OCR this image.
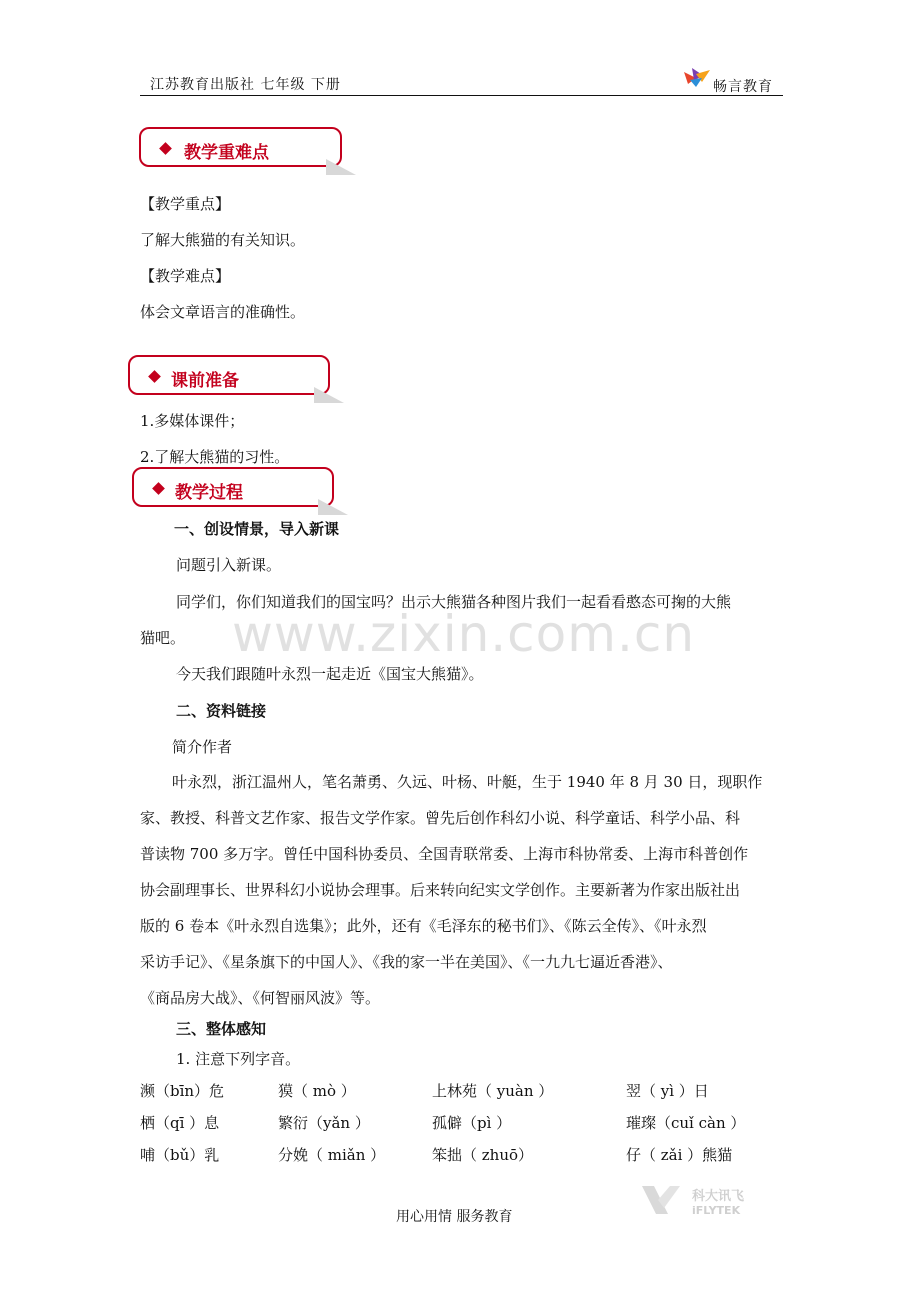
江苏教育出版社 七年级 下册	畅言教育
教学重难点
【教学重点】
了解大熊猫的有关知识。
【教学难点】
体会文章语言的准确性。
课前准备
1.多媒体课件；
2.了解大熊猫的习性。
教学过程
一、创设情景，导入新课
问题引入新课。
同学们，你们知道我们的国宝吗？出示大熊猫各种图片我们一起看看憨态可掬的大熊
猫吧。
今天我们跟随叶永烈一起走近《国宝大熊猫》。
二、资料链接
简介作者
叶永烈，浙江温州人，笔名萧勇、久远、叶杨、叶艇，生于 1940 年 8 月 30 日，现职作
家、教授、科普文艺作家、报告文学作家。曾先后创作科幻小说、科学童话、科学小品、科
普读物 700 多万字。曾任中国科协委员、全国青联常委、上海市科协常委、上海市科普创作
协会副理事长、世界科幻小说协会理事。后来转向纪实文学创作。主要新著为作家出版社出
版的 6 卷本《叶永烈自选集》；此外，还有《毛泽东的秘书们》、《陈云全传》、《叶永烈
采访手记》、《星条旗下的中国人》、《我的家一半在美国》、《一九九七逼近香港》、
《商品房大战》、《何智丽风波》等。
三、整体感知
1. 注意下列字音。
濒（bīn）危	獏（ mò ）	上林苑（ yuàn ）	翌（ yì ）日
栖（qī ）息	繁衍（yǎn ）	孤僻（pì ）	璀璨（cuǐ càn ）
哺（bǔ）乳	分娩（ miǎn ）	笨拙（ zhuō）	仔（ zǎi ）熊猫
www.zixin.com.cn
用心用情 服务教育
科大讯飞
iFLYTEK
